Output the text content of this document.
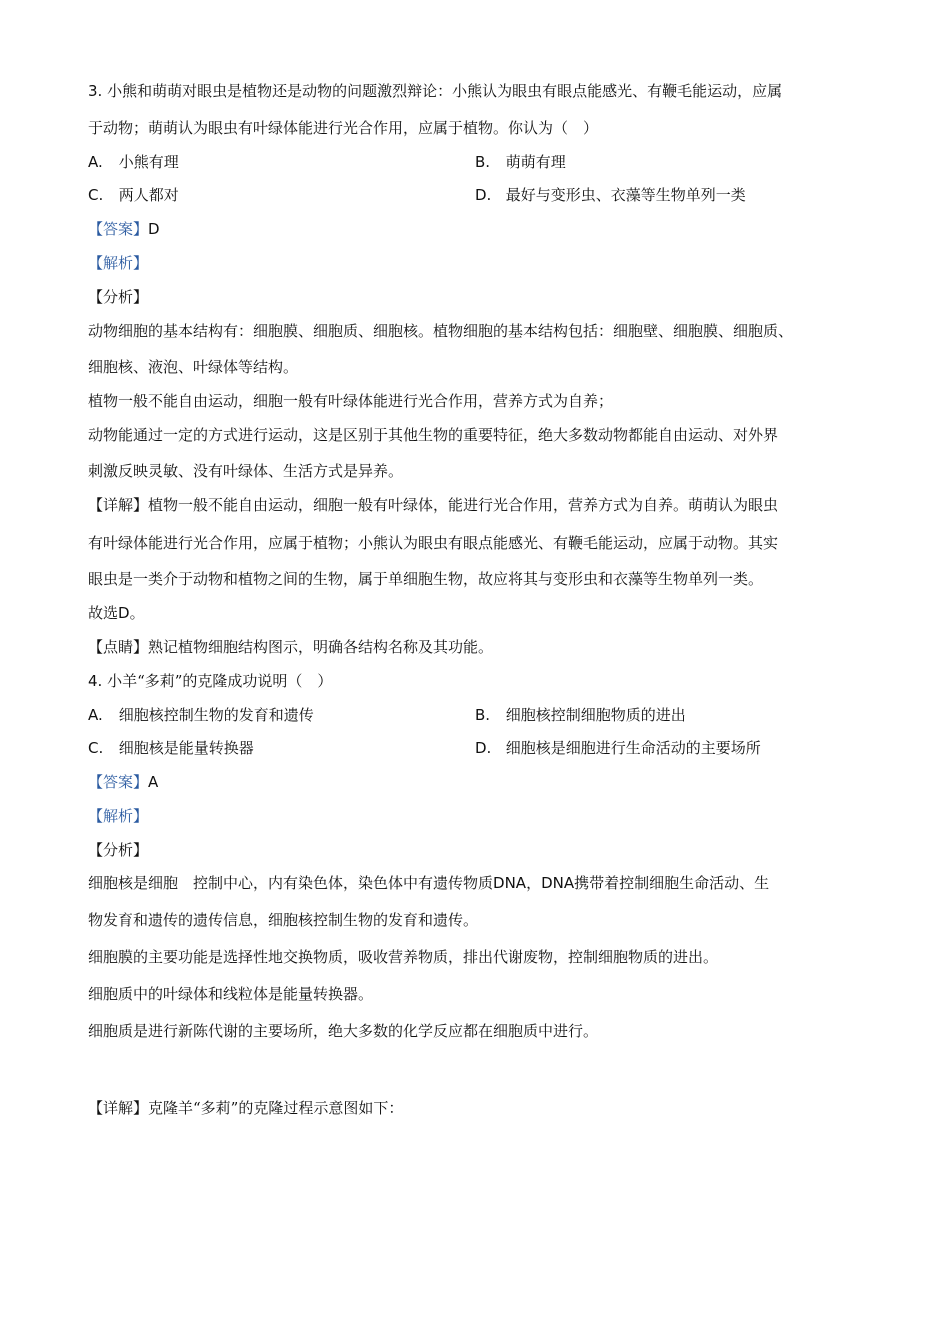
3. 小熊和萌萌对眼虫是植物还是动物的问题激烈辩论：小熊认为眼虫有眼点能感光、有鞭毛能运动，应属
于动物；萌萌认为眼虫有叶绿体能进行光合作用，应属于植物。你认为（　）
A. 小熊有理	B. 萌萌有理
C. 两人都对	D. 最好与变形虫、衣藻等生物单列一类
【答案】D
【解析】
【分析】
动物细胞的基本结构有：细胞膜、细胞质、细胞核。植物细胞的基本结构包括：细胞壁、细胞膜、细胞质、
细胞核、液泡、叶绿体等结构。
植物一般不能自由运动，细胞一般有叶绿体能进行光合作用，营养方式为自养；
动物能通过一定的方式进行运动，这是区别于其他生物的重要特征，绝大多数动物都能自由运动、对外界
刺激反映灵敏、没有叶绿体、生活方式是异养。
【详解】植物一般不能自由运动，细胞一般有叶绿体，能进行光合作用，营养方式为自养。萌萌认为眼虫
有叶绿体能进行光合作用，应属于植物；小熊认为眼虫有眼点能感光、有鞭毛能运动，应属于动物。其实
眼虫是一类介于动物和植物之间的生物，属于单细胞生物，故应将其与变形虫和衣藻等生物单列一类。
故选D。
【点睛】熟记植物细胞结构图示，明确各结构名称及其功能。
4. 小羊“多莉”的克隆成功说明（　）
A. 细胞核控制生物的发育和遗传	B. 细胞核控制细胞物质的进出
C. 细胞核是能量转换器	D. 细胞核是细胞进行生命活动的主要场所
【答案】A
【解析】
【分析】
细胞核是细胞　控制中心，内有染色体，染色体中有遗传物质DNA，DNA携带着控制细胞生命活动、生
物发育和遗传的遗传信息，细胞核控制生物的发育和遗传。
细胞膜的主要功能是选择性地交换物质，吸收营养物质，排出代谢废物，控制细胞物质的进出。
细胞质中的叶绿体和线粒体是能量转换器。
细胞质是进行新陈代谢的主要场所，绝大多数的化学反应都在细胞质中进行。
【详解】克隆羊“多莉”的克隆过程示意图如下：
